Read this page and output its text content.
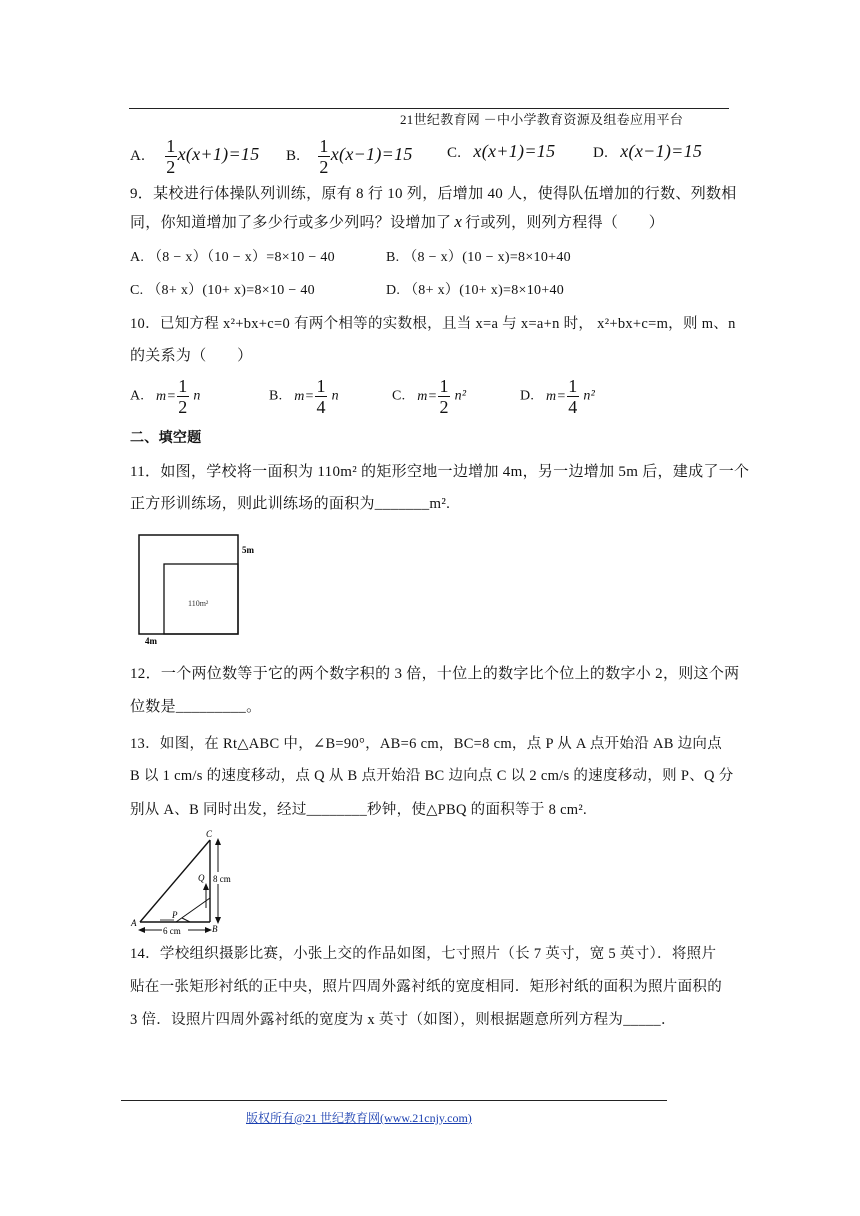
21世纪教育网 －中小学教育资源及组卷应用平台
A. $\frac{1}{2} x(x+1)=15$ B. $\frac{1}{2} x(x-1)=15$ C. x(x+1)=15	D. x(x−1)=15
9．某校进行体操队列训练，原有 8 行 10 列，后增加 40 人，使得队伍增加的行数、列数相
同，你知道增加了多少行或多少列吗？设增加了 x 行或列，则列方程得（　　）
A. （8 − x）（10 − x）=8×10 − 40	B. （8 − x）(10 − x)=8×10+40
C. （8+ x）(10+ x)=8×10 − 40	D. （8+ x）(10+ x)=8×10+40
10．已知方程 x²+bx+c=0 有两个相等的实数根，且当 x=a 与 x=a+n 时， x²+bx+c=m，则 m、n
的关系为（　　）
A. $m= \frac{1}{2}$ n	B. $m= \frac{1}{4}$ n	C. $m= \frac{1}{2} n^2$	D. $m= \frac{1}{4} n^2$
二、填空题
11．如图，学校将一面积为 110m² 的矩形空地一边增加 4m，另一边增加 5m 后，建成了一个
正方形训练场，则此训练场的面积为_______m².
5m
110m²
4m
12．一个两位数等于它的两个数字积的 3 倍，十位上的数字比个位上的数字小 2，则这个两
位数是_________。
13．如图，在 Rt△ABC 中，∠B=90°，AB=6 cm，BC=8 cm，点 P 从 A 点开始沿 AB 边向点
B 以 1 cm/s 的速度移动，点 Q 从 B 点开始沿 BC 边向点 C 以 2 cm/s 的速度移动，则 P、Q 分
别从 A、B 同时出发，经过________秒钟，使△PBQ 的面积等于 8 cm².
8 cm
6 cm
C
Q
A
P
B
14．学校组织摄影比赛，小张上交的作品如图，七寸照片（长 7 英寸，宽 5 英寸）．将照片
贴在一张矩形衬纸的正中央，照片四周外露衬纸的宽度相同．矩形衬纸的面积为照片面积的
3 倍．设照片四周外露衬纸的宽度为 x 英寸（如图），则根据题意所列方程为_____．
版权所有@21 世纪教育网(www.21cnjy.com)
